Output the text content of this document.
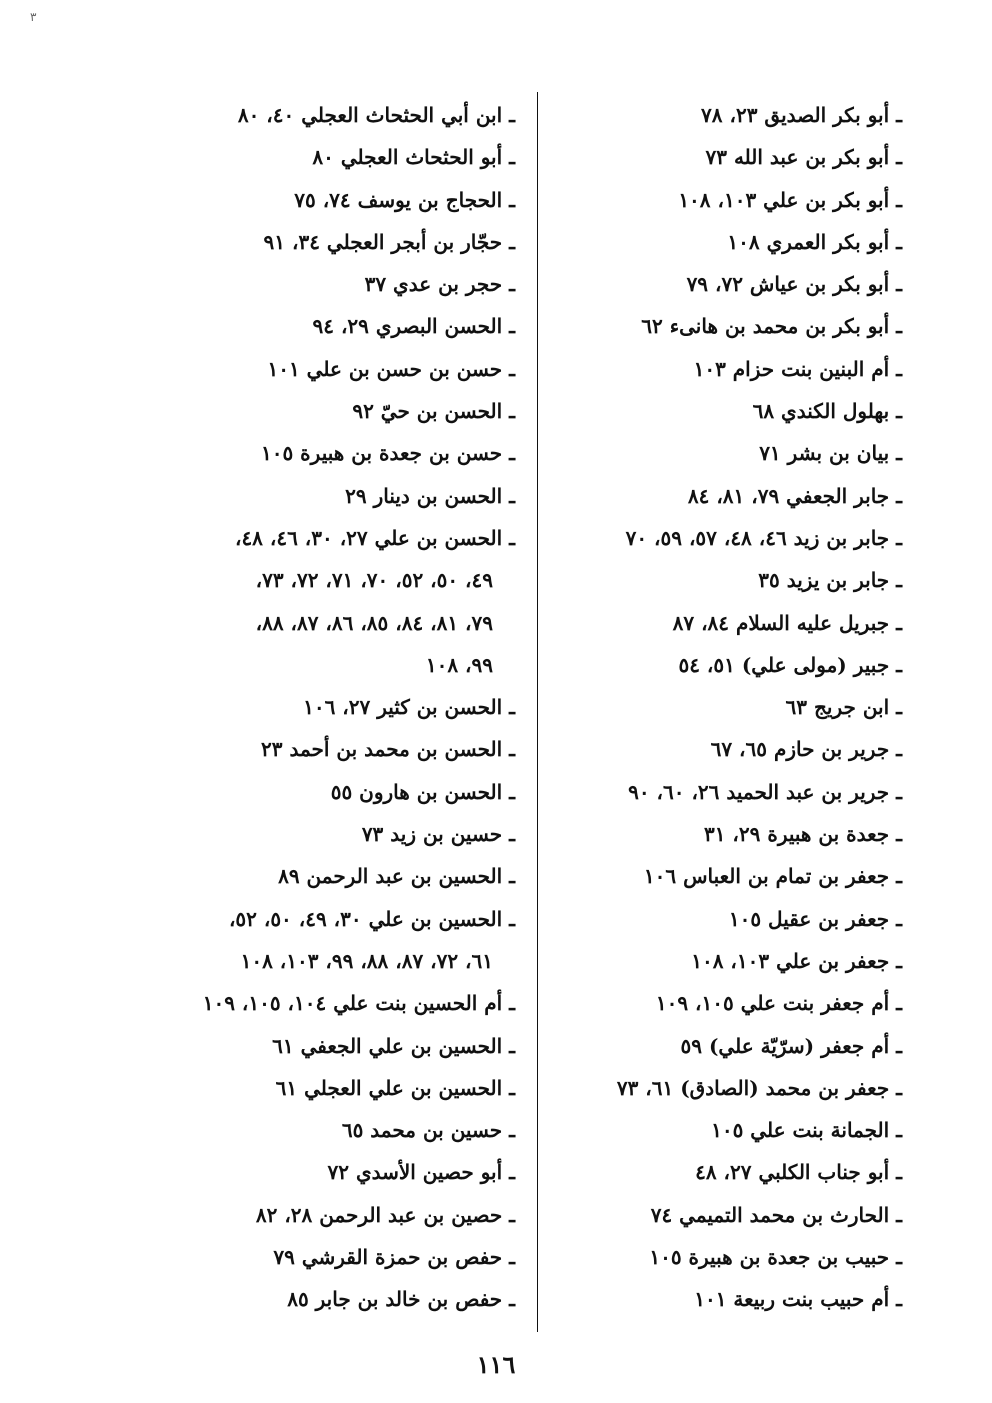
۳
ـ أبو بكر الصديق ٢٣، ٧٨
ـ أبو بكر بن عبد الله ٧٣
ـ أبو بكر بن علي ١٠٣، ١٠٨
ـ أبو بكر العمري ١٠٨
ـ أبو بكر بن عياش ٧٢، ٧٩
ـ أبو بكر بن محمد بن هانىء ٦٢
ـ أم البنين بنت حزام ١٠٣
ـ بهلول الكندي ٦٨
ـ بيان بن بشر ٧١
ـ جابر الجعفي ٧٩، ٨١، ٨٤
ـ جابر بن زيد ٤٦، ٤٨، ٥٧، ٥٩، ٧٠
ـ جابر بن يزيد ٣٥
ـ جبريل عليه السلام ٨٤، ٨٧
ـ جبير (مولى علي) ٥١، ٥٤
ـ ابن جريج ٦٣
ـ جرير بن حازم ٦٥، ٦٧
ـ جرير بن عبد الحميد ٢٦، ٦٠، ٩٠
ـ جعدة بن هبيرة ٢٩، ٣١
ـ جعفر بن تمام بن العباس ١٠٦
ـ جعفر بن عقيل ١٠٥
ـ جعفر بن علي ١٠٣، ١٠٨
ـ أم جعفر بنت علي ١٠٥، ١٠٩
ـ أم جعفر (سرّيّة علي) ٥٩
ـ جعفر بن محمد (الصادق) ٦١، ٧٣
ـ الجمانة بنت علي ١٠٥
ـ أبو جناب الكلبي ٢٧، ٤٨
ـ الحارث بن محمد التميمي ٧٤
ـ حبيب بن جعدة بن هبيرة ١٠٥
ـ أم حبيب بنت ربيعة ١٠١
ـ ابن أبي الحثحاث العجلي ٤٠، ٨٠
ـ أبو الحثحاث العجلي ٨٠
ـ الحجاج بن يوسف ٧٤، ٧٥
ـ حجّار بن أبجر العجلي ٣٤، ٩١
ـ حجر بن عدي ٣٧
ـ الحسن البصري ٢٩، ٩٤
ـ حسن بن حسن بن علي ١٠١
ـ الحسن بن حيّ ٩٢
ـ حسن بن جعدة بن هبيرة ١٠٥
ـ الحسن بن دينار ٢٩
ـ الحسن بن علي ٢٧، ٣٠، ٤٦، ٤٨،
٤٩، ٥٠، ٥٢، ٧٠، ٧١، ٧٢، ٧٣،
٧٩، ٨١، ٨٤، ٨٥، ٨٦، ٨٧، ٨٨،
٩٩، ١٠٨
ـ الحسن بن كثير ٢٧، ١٠٦
ـ الحسن بن محمد بن أحمد ٢٣
ـ الحسن بن هارون ٥٥
ـ حسين بن زيد ٧٣
ـ الحسين بن عبد الرحمن ٨٩
ـ الحسين بن علي ٣٠، ٤٩، ٥٠، ٥٢،
٦١، ٧٢، ٨٧، ٨٨، ٩٩، ١٠٣، ١٠٨
ـ أم الحسين بنت علي ١٠٤، ١٠٥، ١٠٩
ـ الحسين بن علي الجعفي ٦١
ـ الحسين بن علي العجلي ٦١
ـ حسين بن محمد ٦٥
ـ أبو حصين الأسدي ٧٢
ـ حصين بن عبد الرحمن ٢٨، ٨٢
ـ حفص بن حمزة القرشي ٧٩
ـ حفص بن خالد بن جابر ٨٥
١١٦
